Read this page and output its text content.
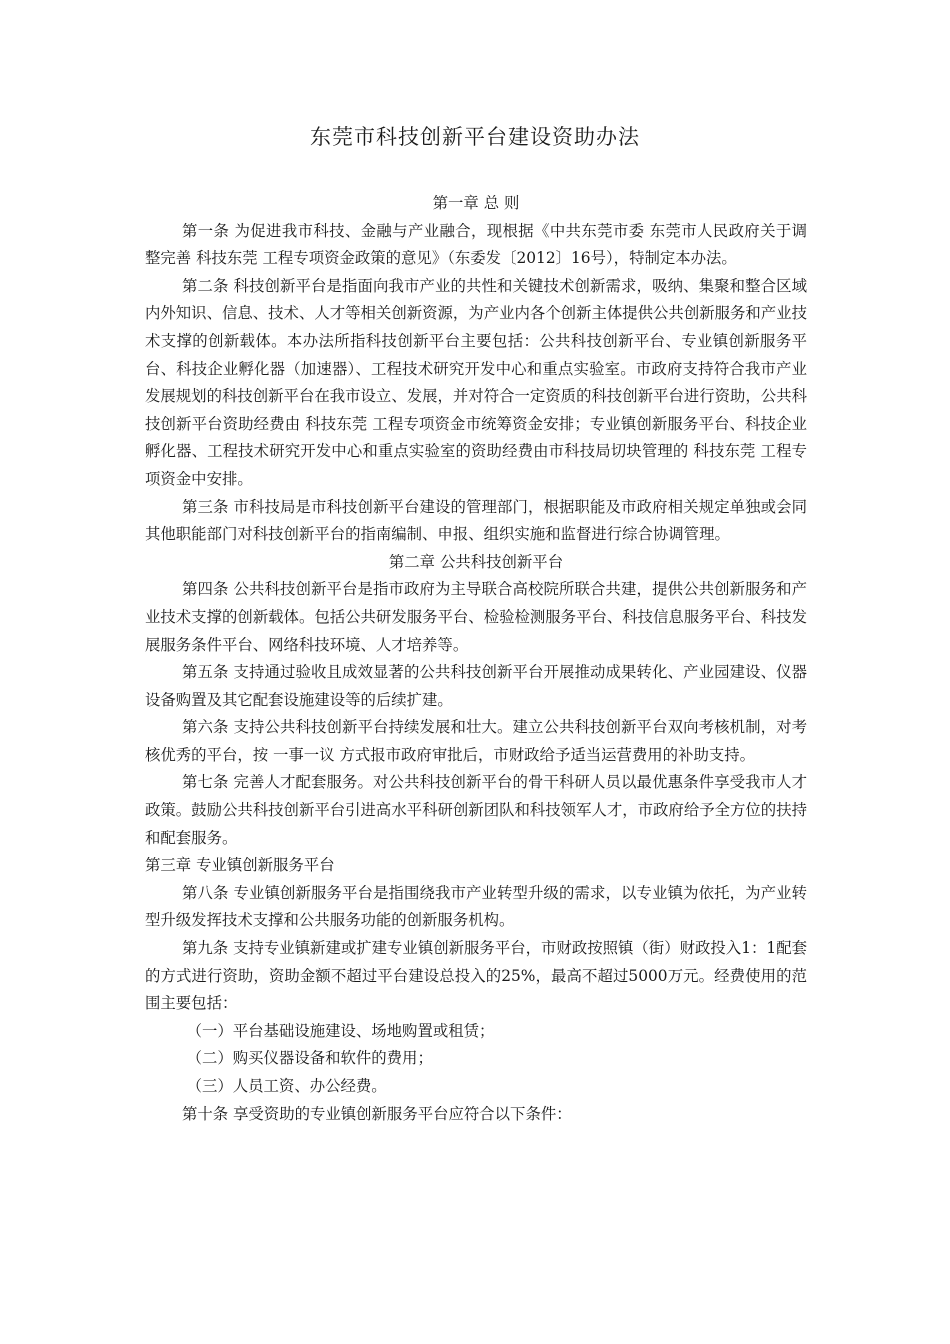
东莞市科技创新平台建设资助办法

第一章 总 则

第一条 为促进我市科技、金融与产业融合，现根据《中共东莞市委 东莞市人民政府关于调整完善 科技东莞 工程专项资金政策的意见》（东委发〔2012〕16号），特制定本办法。

第二条 科技创新平台是指面向我市产业的共性和关键技术创新需求，吸纳、集聚和整合区域内外知识、信息、技术、人才等相关创新资源，为产业内各个创新主体提供公共创新服务和产业技术支撑的创新载体。本办法所指科技创新平台主要包括：公共科技创新平台、专业镇创新服务平台、科技企业孵化器（加速器）、工程技术研究开发中心和重点实验室。市政府支持符合我市产业发展规划的科技创新平台在我市设立、发展，并对符合一定资质的科技创新平台进行资助，公共科技创新平台资助经费由 科技东莞 工程专项资金市统筹资金安排；专业镇创新服务平台、科技企业孵化器、工程技术研究开发中心和重点实验室的资助经费由市科技局切块管理的 科技东莞 工程专项资金中安排。

第三条 市科技局是市科技创新平台建设的管理部门，根据职能及市政府相关规定单独或会同其他职能部门对科技创新平台的指南编制、申报、组织实施和监督进行综合协调管理。

第二章 公共科技创新平台

第四条 公共科技创新平台是指市政府为主导联合高校院所联合共建，提供公共创新服务和产业技术支撑的创新载体。包括公共研发服务平台、检验检测服务平台、科技信息服务平台、科技发展服务条件平台、网络科技环境、人才培养等。

第五条 支持通过验收且成效显著的公共科技创新平台开展推动成果转化、产业园建设、仪器设备购置及其它配套设施建设等的后续扩建。

第六条 支持公共科技创新平台持续发展和壮大。建立公共科技创新平台双向考核机制，对考核优秀的平台，按 一事一议 方式报市政府审批后，市财政给予适当运营费用的补助支持。

第七条 完善人才配套服务。对公共科技创新平台的骨干科研人员以最优惠条件享受我市人才政策。鼓励公共科技创新平台引进高水平科研创新团队和科技领军人才，市政府给予全方位的扶持和配套服务。

第三章 专业镇创新服务平台

第八条 专业镇创新服务平台是指围绕我市产业转型升级的需求，以专业镇为依托，为产业转型升级发挥技术支撑和公共服务功能的创新服务机构。

第九条 支持专业镇新建或扩建专业镇创新服务平台，市财政按照镇（街）财政投入1：1配套的方式进行资助，资助金额不超过平台建设总投入的25%，最高不超过5000万元。经费使用的范围主要包括：

（一）平台基础设施建设、场地购置或租赁；

（二）购买仪器设备和软件的费用；

（三）人员工资、办公经费。

第十条 享受资助的专业镇创新服务平台应符合以下条件：
